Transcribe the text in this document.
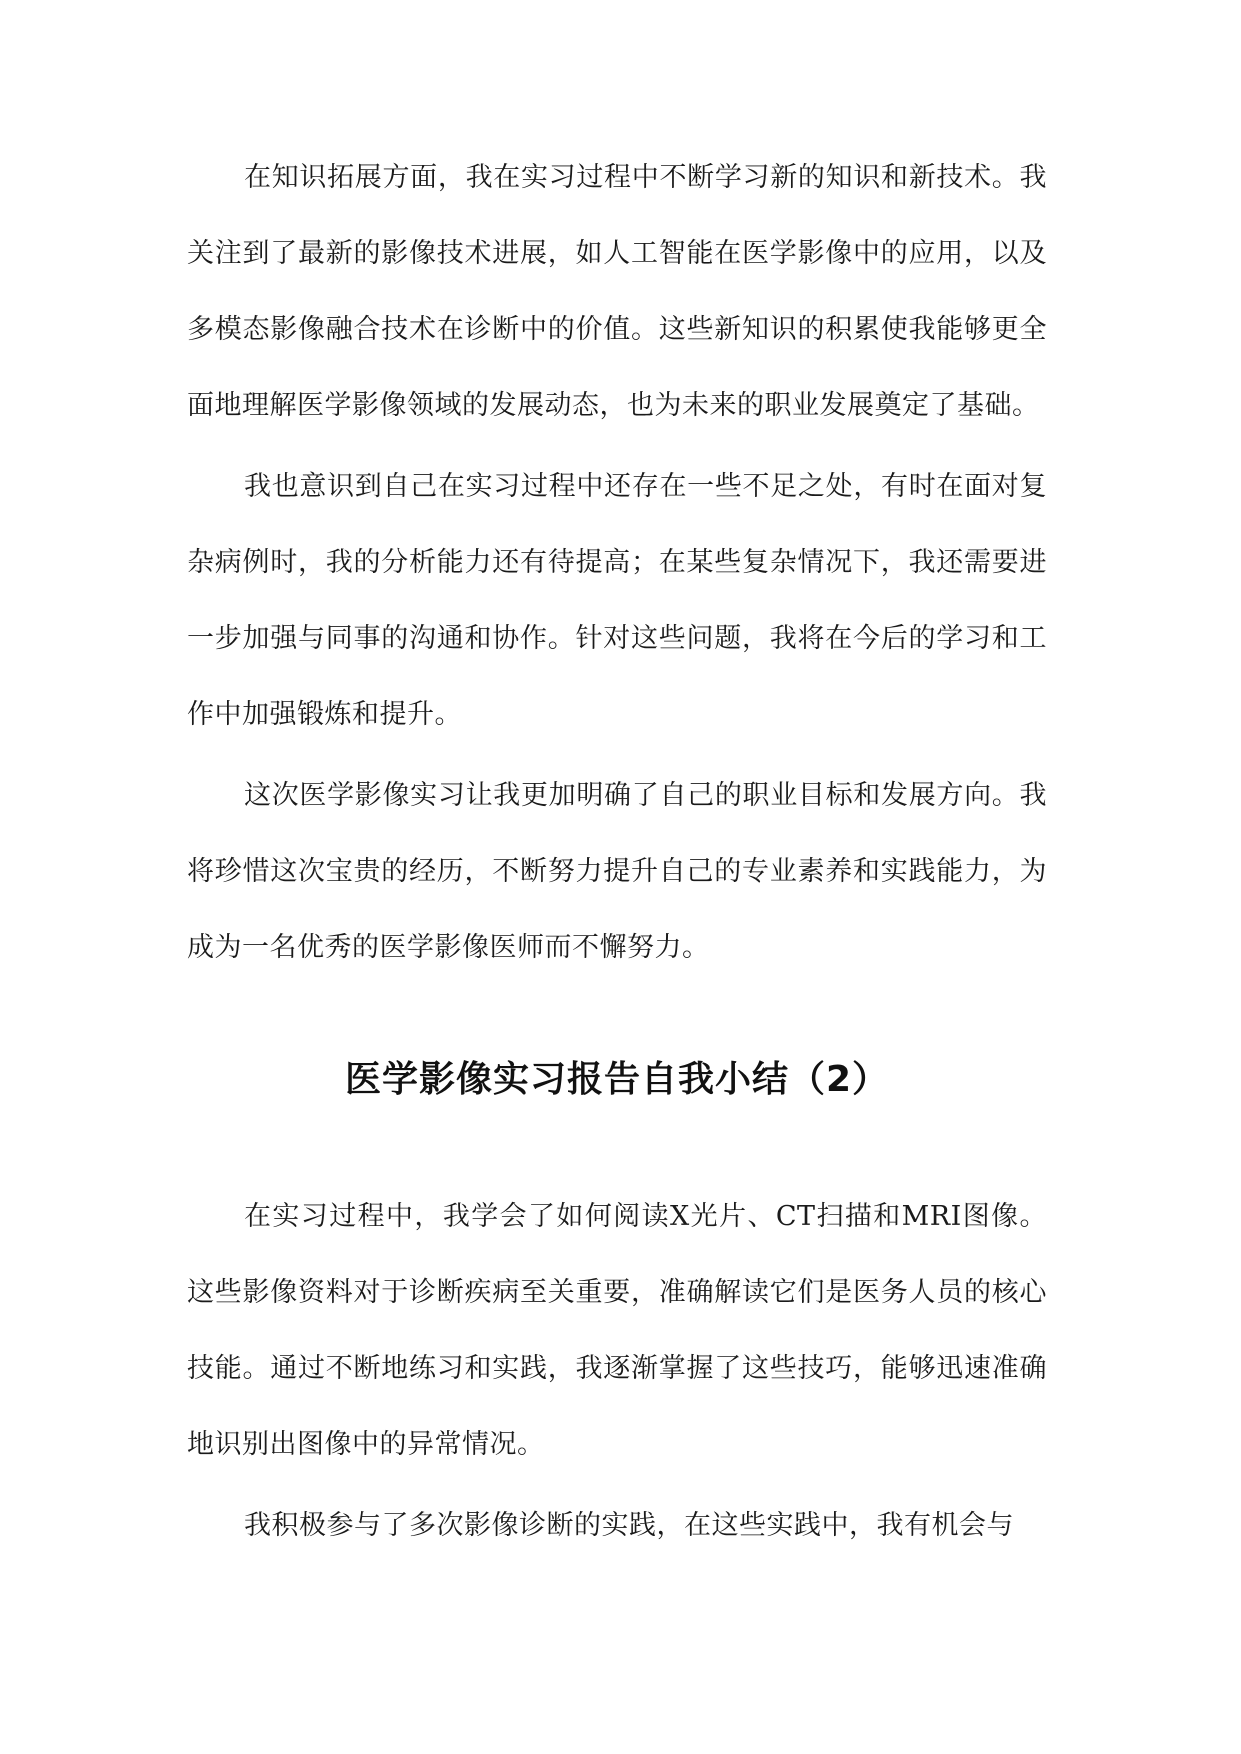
在知识拓展方面，我在实习过程中不断学习新的知识和新技术。我关注到了最新的影像技术进展，如人工智能在医学影像中的应用，以及多模态影像融合技术在诊断中的价值。这些新知识的积累使我能够更全面地理解医学影像领域的发展动态，也为未来的职业发展奠定了基础。

我也意识到自己在实习过程中还存在一些不足之处，有时在面对复杂病例时，我的分析能力还有待提高；在某些复杂情况下，我还需要进一步加强与同事的沟通和协作。针对这些问题，我将在今后的学习和工作中加强锻炼和提升。

这次医学影像实习让我更加明确了自己的职业目标和发展方向。我将珍惜这次宝贵的经历，不断努力提升自己的专业素养和实践能力，为成为一名优秀的医学影像医师而不懈努力。

医学影像实习报告自我小结（2）

在实习过程中，我学会了如何阅读X光片、CT扫描和MRI图像。这些影像资料对于诊断疾病至关重要，准确解读它们是医务人员的核心技能。通过不断地练习和实践，我逐渐掌握了这些技巧，能够迅速准确地识别出图像中的异常情况。

我积极参与了多次影像诊断的实践，在这些实践中，我有机会与
